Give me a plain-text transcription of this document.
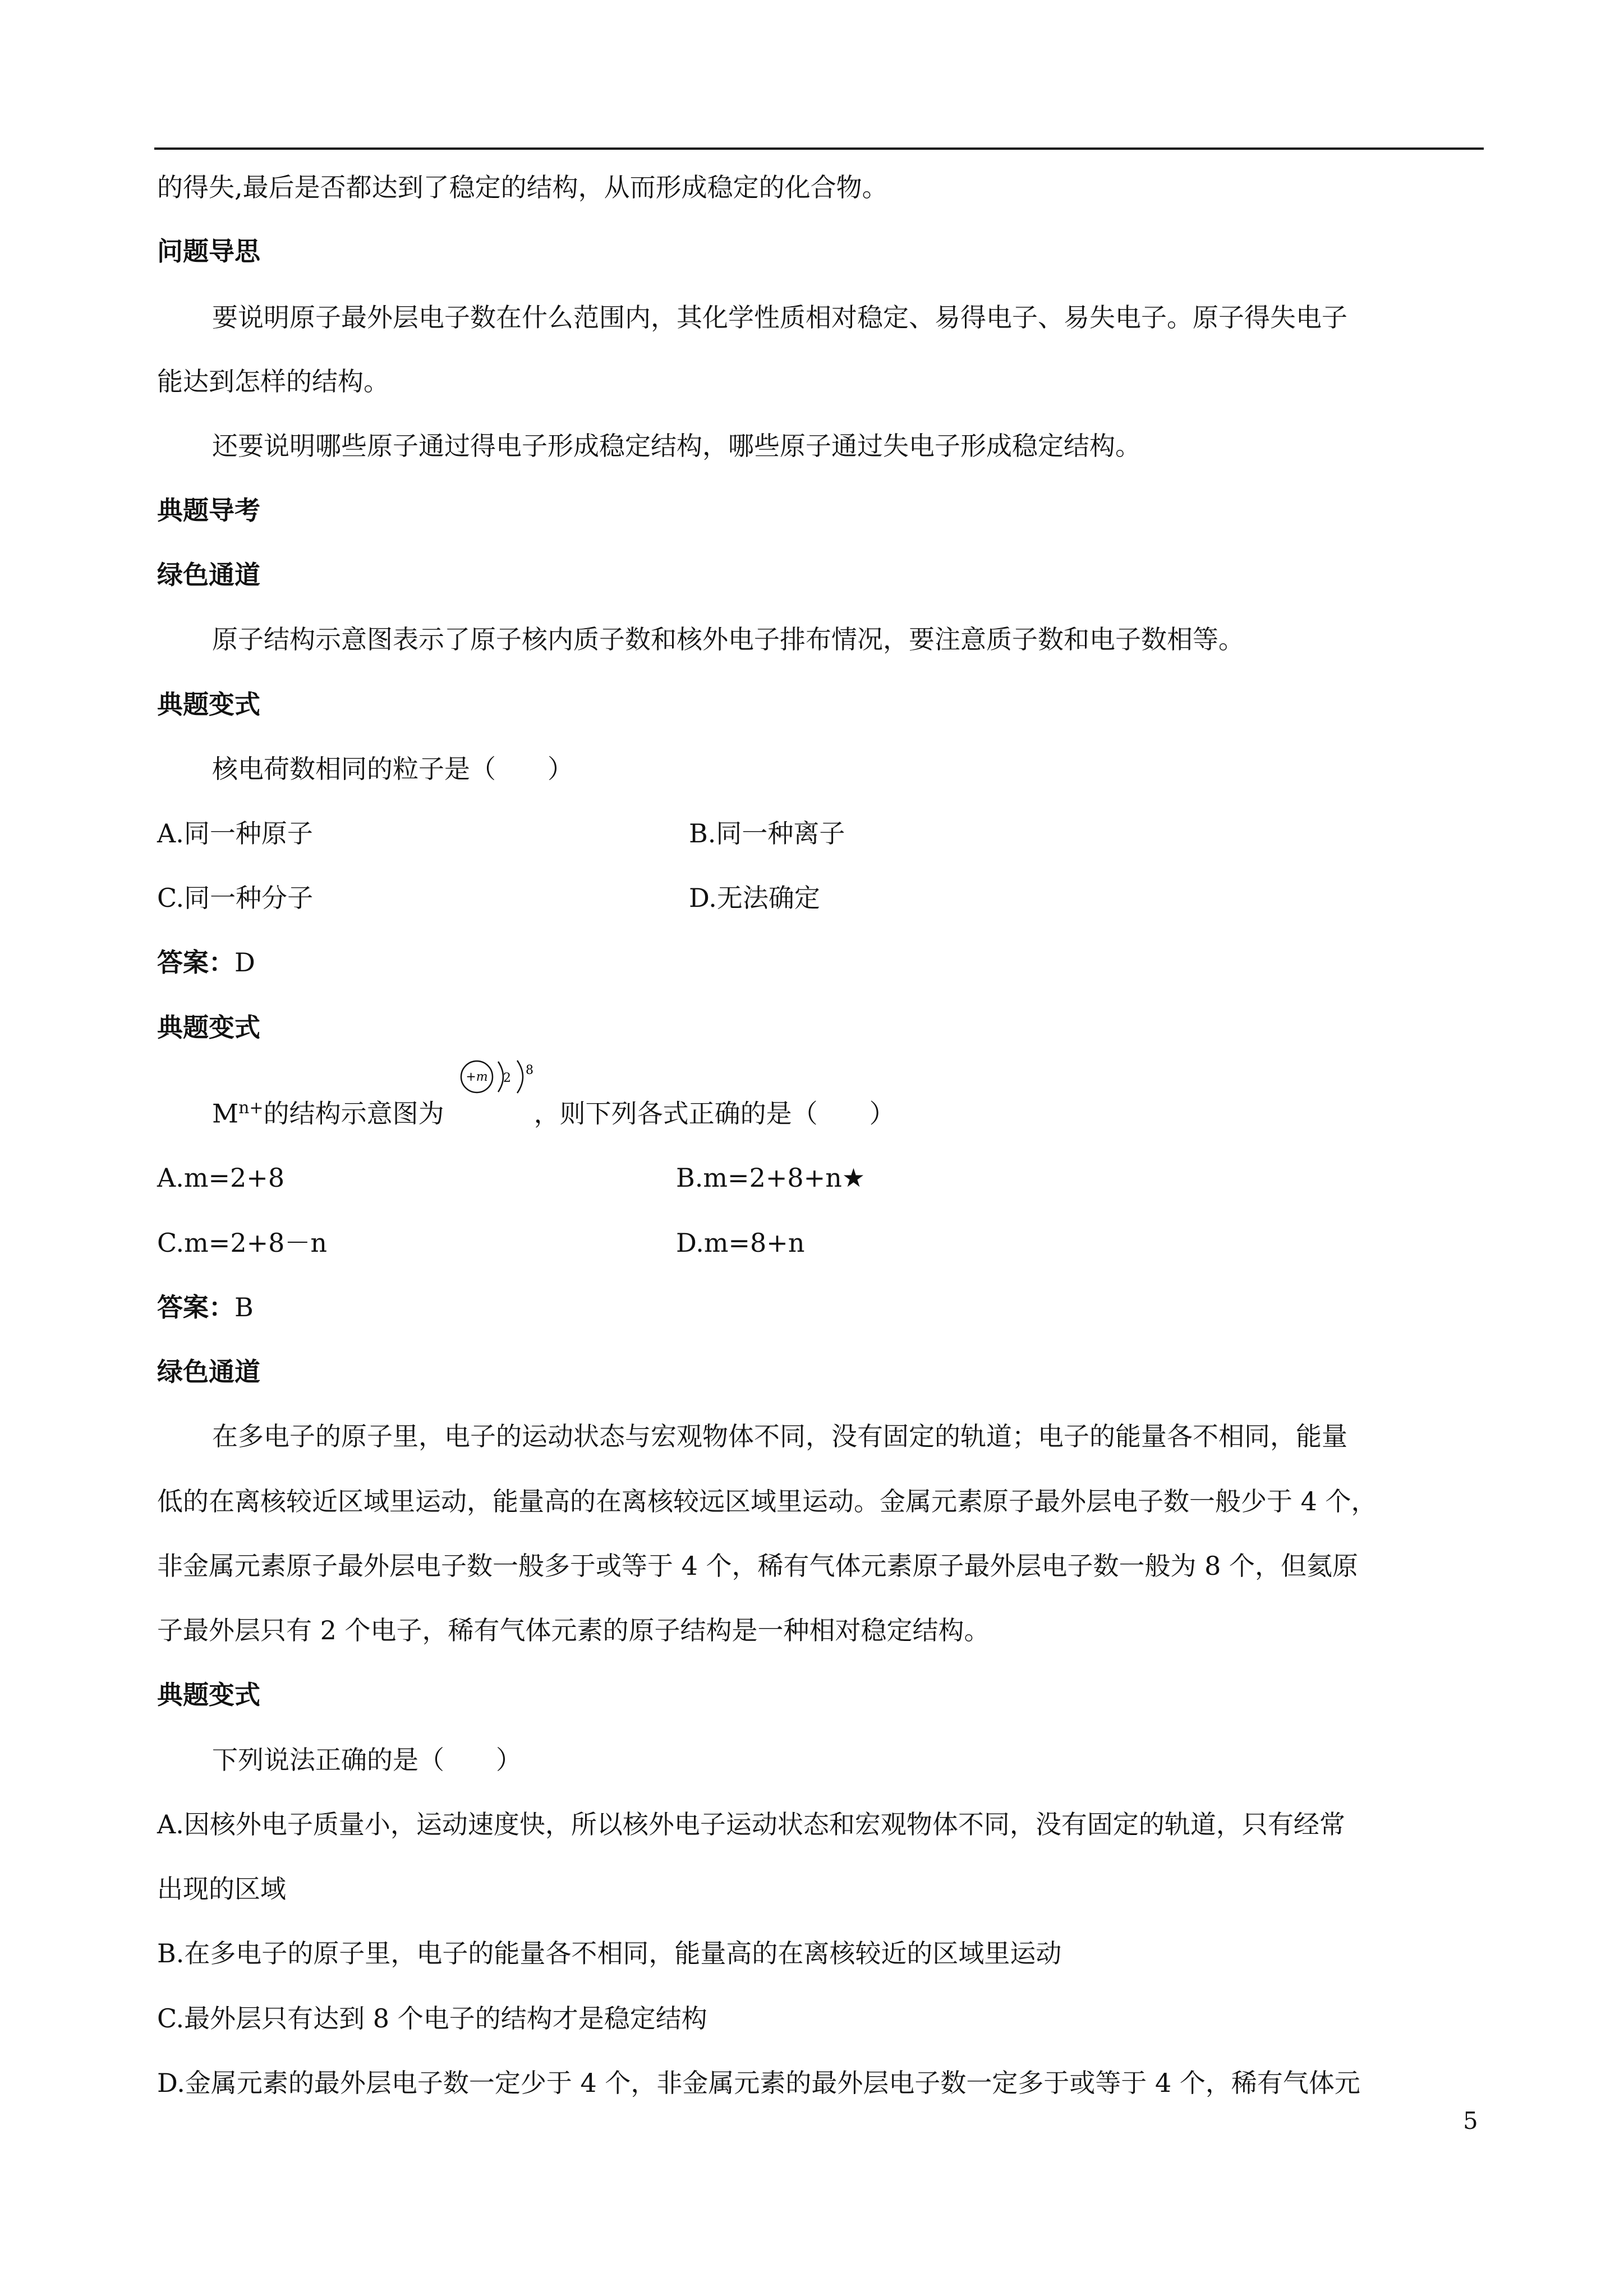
的得失,最后是否都达到了稳定的结构，从而形成稳定的化合物。
问题导思
要说明原子最外层电子数在什么范围内，其化学性质相对稳定、易得电子、易失电子。原子得失电子
能达到怎样的结构。
还要说明哪些原子通过得电子形成稳定结构，哪些原子通过失电子形成稳定结构。
典题导考
绿色通道
原子结构示意图表示了原子核内质子数和核外电子排布情况，要注意质子数和电子数相等。
典题变式
核电荷数相同的粒子是（　　）
A.同一种原子	B.同一种离子
C.同一种分子	D.无法确定
答案：D
典题变式
$M^{n+}$的结构示意图为	，则下列各式正确的是（　　）
+m 2
8
A.m=2+8	B.m=2+8+n★
C.m=2+8－n	D.m=8+n
答案：B
绿色通道
在多电子的原子里，电子的运动状态与宏观物体不同，没有固定的轨道；电子的能量各不相同，能量
低的在离核较近区域里运动，能量高的在离核较远区域里运动。金属元素原子最外层电子数一般少于 4 个，
非金属元素原子最外层电子数一般多于或等于 4 个，稀有气体元素原子最外层电子数一般为 8 个，但氦原
子最外层只有 2 个电子，稀有气体元素的原子结构是一种相对稳定结构。
典题变式
下列说法正确的是（　　）
A.因核外电子质量小，运动速度快，所以核外电子运动状态和宏观物体不同，没有固定的轨道，只有经常
出现的区域
B.在多电子的原子里，电子的能量各不相同，能量高的在离核较近的区域里运动
C.最外层只有达到 8 个电子的结构才是稳定结构
D.金属元素的最外层电子数一定少于 4 个，非金属元素的最外层电子数一定多于或等于 4 个，稀有气体元
5
